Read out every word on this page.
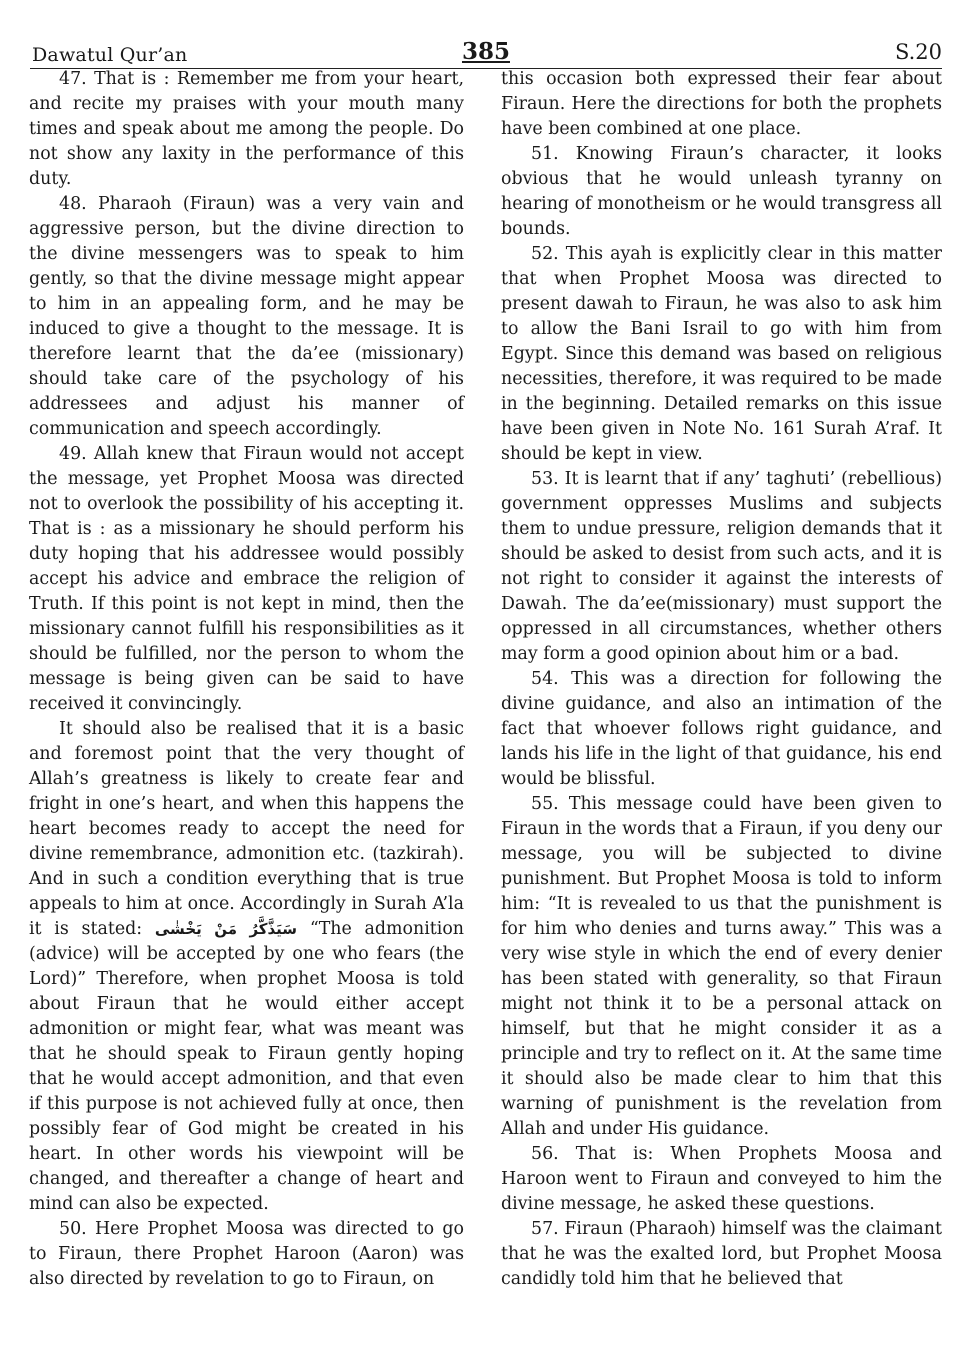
Dawatul Qur’an	385	S.20

47. That is : Remember me from your heart, and recite my praises with your mouth many times and speak about me among the people. Do not show any laxity in the performance of this duty.

48. Pharaoh (Firaun) was a very vain and aggressive person, but the divine direction to the divine messengers was to speak to him gently, so that the divine message might appear to him in an appealing form, and he may be induced to give a thought to the message. It is therefore learnt that the da’ee (missionary) should take care of the psychology of his addressees and adjust his manner of communication and speech accordingly.

49. Allah knew that Firaun would not accept the message, yet Prophet Moosa was directed not to overlook the possibility of his accepting it. That is : as a missionary he should perform his duty hoping that his addressee would possibly accept his advice and embrace the religion of Truth. If this point is not kept in mind, then the missionary cannot fulfill his responsibilities as it should be fulfilled, nor the person to whom the message is being given can be said to have received it convincingly.

It should also be realised that it is a basic and foremost point that the very thought of Allah’s greatness is likely to create fear and fright in one’s heart, and when this happens the heart becomes ready to accept the need for divine remembrance, admonition etc. (tazkirah). And in such a condition everything that is true appeals to him at once. Accordingly in Surah A’la it is stated: سَيَذَّكَّرُ مَنْ يَخْشٰى “The admonition (advice) will be accepted by one who fears (the Lord)” Therefore, when prophet Moosa is told about Firaun that he would either accept admonition or might fear, what was meant was that he should speak to Firaun gently hoping that he would accept admonition, and that even if this purpose is not achieved fully at once, then possibly fear of God might be created in his heart. In other words his viewpoint will be changed, and thereafter a change of heart and mind can also be expected.

50. Here Prophet Moosa was directed to go to Firaun, there Prophet Haroon (Aaron) was also directed by revelation to go to Firaun, on

this occasion both expressed their fear about Firaun. Here the directions for both the prophets have been combined at one place.

51. Knowing Firaun’s character, it looks obvious that he would unleash tyranny on hearing of monotheism or he would transgress all bounds.

52. This ayah is explicitly clear in this matter that when Prophet Moosa was directed to present dawah to Firaun, he was also to ask him to allow the Bani Israil to go with him from Egypt. Since this demand was based on religious necessities, therefore, it was required to be made in the beginning. Detailed remarks on this issue have been given in Note No. 161 Surah A’raf. It should be kept in view.

53. It is learnt that if any’ taghuti’ (rebellious) government oppresses Muslims and subjects them to undue pressure, religion demands that it should be asked to desist from such acts, and it is not right to consider it against the interests of Dawah. The da’ee(missionary) must support the oppressed in all circumstances, whether others may form a good opinion about him or a bad.

54. This was a direction for following the divine guidance, and also an intimation of the fact that whoever follows right guidance, and lands his life in the light of that guidance, his end would be blissful.

55. This message could have been given to Firaun in the words that a Firaun, if you deny our message, you will be subjected to divine punishment. But Prophet Moosa is told to inform him: “It is revealed to us that the punishment is for him who denies and turns away.” This was a very wise style in which the end of every denier has been stated with generality, so that Firaun might not think it to be a personal attack on himself, but that he might consider it as a principle and try to reflect on it. At the same time it should also be made clear to him that this warning of punishment is the revelation from Allah and under His guidance.

56. That is: When Prophets Moosa and Haroon went to Firaun and conveyed to him the divine message, he asked these questions.

57. Firaun (Pharaoh) himself was the claimant that he was the exalted lord, but Prophet Moosa candidly told him that he believed that
